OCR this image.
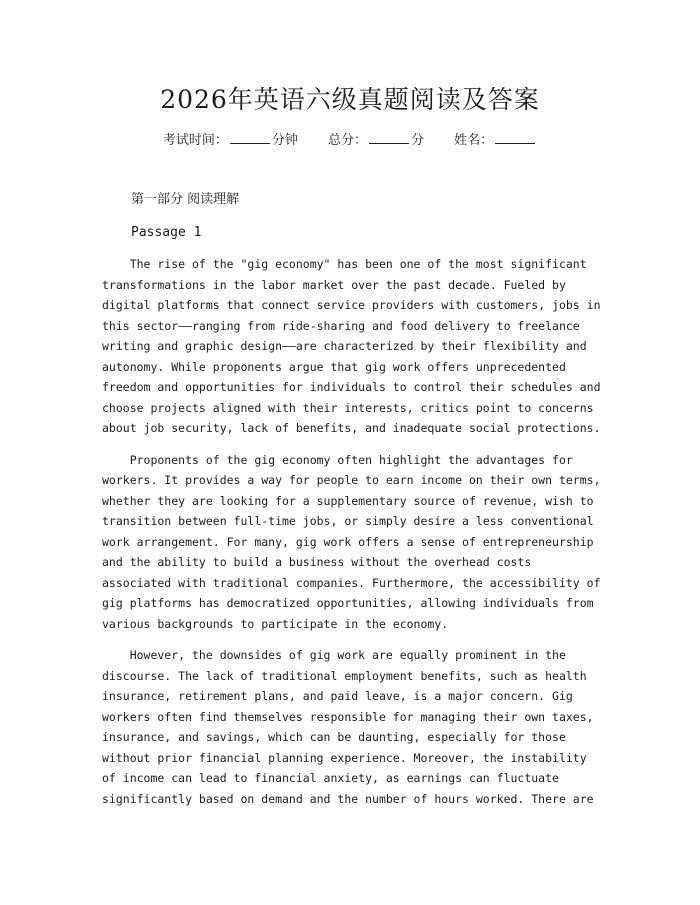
2026年英语六级真题阅读及答案
考试时间：	分钟 总分：	分 姓名：
第一部分 阅读理解
Passage 1

The rise of the "gig economy" has been one of the most significant
transformations in the labor market over the past decade. Fueled by
digital platforms that connect service providers with customers, jobs in
this sector——ranging from ride-sharing and food delivery to freelance
writing and graphic design——are characterized by their flexibility and
autonomy. While proponents argue that gig work offers unprecedented
freedom and opportunities for individuals to control their schedules and
choose projects aligned with their interests, critics point to concerns
about job security, lack of benefits, and inadequate social protections.

Proponents of the gig economy often highlight the advantages for
workers. It provides a way for people to earn income on their own terms,
whether they are looking for a supplementary source of revenue, wish to
transition between full-time jobs, or simply desire a less conventional
work arrangement. For many, gig work offers a sense of entrepreneurship
and the ability to build a business without the overhead costs
associated with traditional companies. Furthermore, the accessibility of
gig platforms has democratized opportunities, allowing individuals from
various backgrounds to participate in the economy.

However, the downsides of gig work are equally prominent in the
discourse. The lack of traditional employment benefits, such as health
insurance, retirement plans, and paid leave, is a major concern. Gig
workers often find themselves responsible for managing their own taxes,
insurance, and savings, which can be daunting, especially for those
without prior financial planning experience. Moreover, the instability
of income can lead to financial anxiety, as earnings can fluctuate
significantly based on demand and the number of hours worked. There are
